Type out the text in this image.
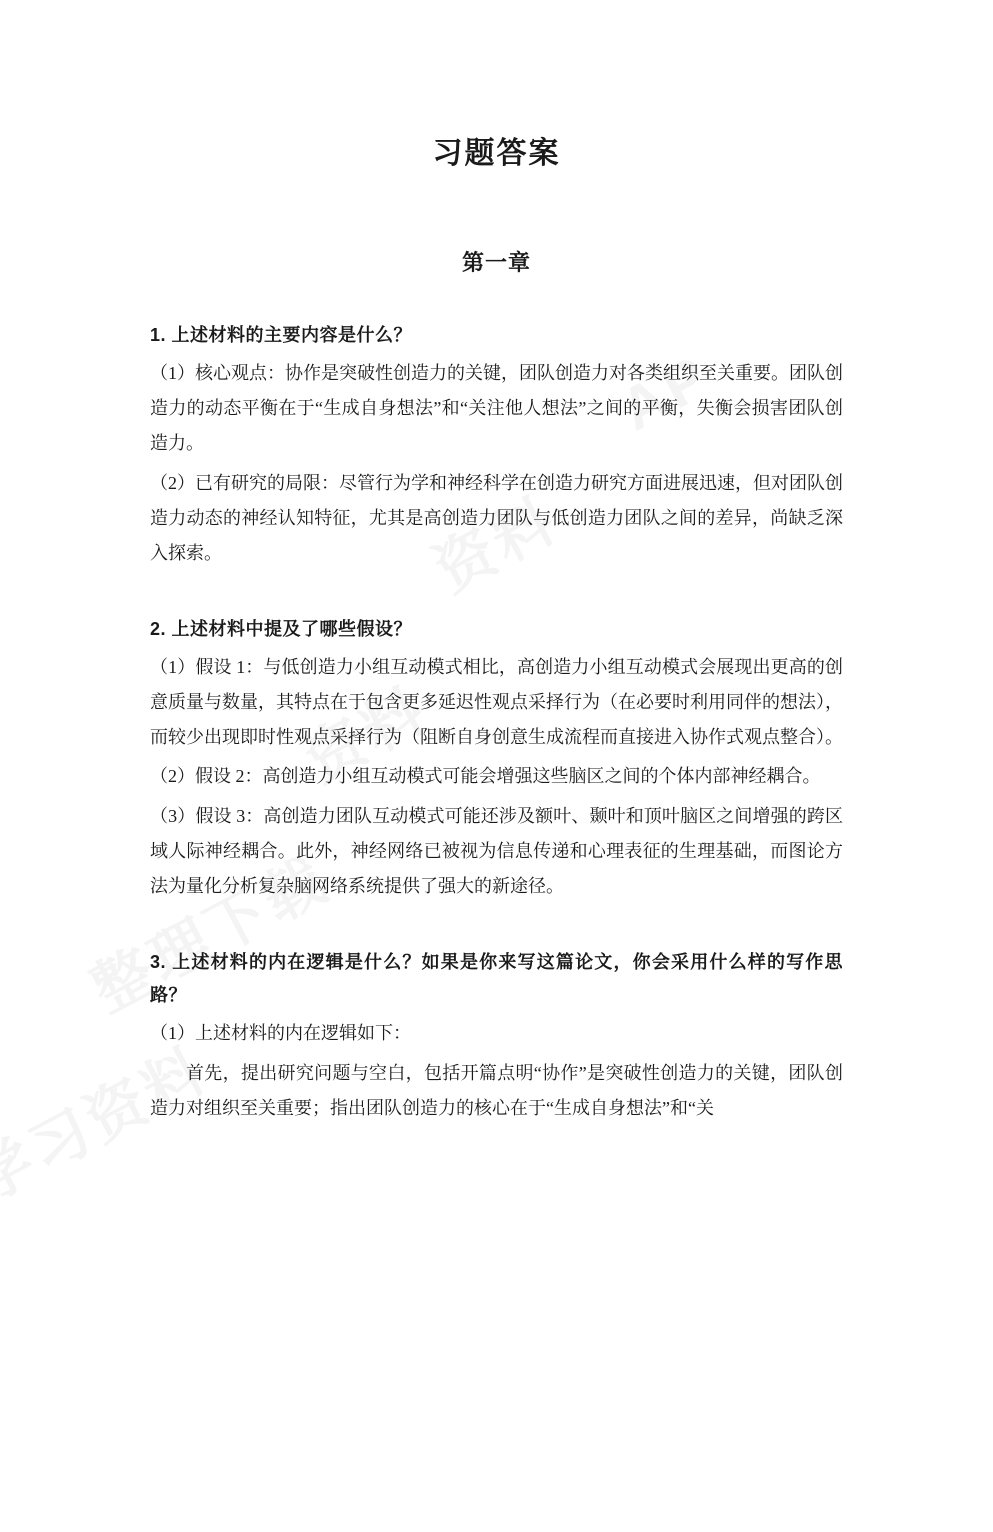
习题答案
第一章
1. 上述材料的主要内容是什么？
（1）核心观点：协作是突破性创造力的关键，团队创造力对各类组织至关重要。团队创造力的动态平衡在于“生成自身想法”和“关注他人想法”之间的平衡，失衡会损害团队创造力。
（2）已有研究的局限：尽管行为学和神经科学在创造力研究方面进展迅速，但对团队创造力动态的神经认知特征，尤其是高创造力团队与低创造力团队之间的差异，尚缺乏深入探索。
2. 上述材料中提及了哪些假设？
（1）假设 1：与低创造力小组互动模式相比，高创造力小组互动模式会展现出更高的创意质量与数量，其特点在于包含更多延迟性观点采择行为（在必要时利用同伴的想法），而较少出现即时性观点采择行为（阻断自身创意生成流程而直接进入协作式观点整合）。
（2）假设 2：高创造力小组互动模式可能会增强这些脑区之间的个体内部神经耦合。
（3）假设 3：高创造力团队互动模式可能还涉及额叶、颞叶和顶叶脑区之间增强的跨区域人际神经耦合。此外，神经网络已被视为信息传递和心理表征的生理基础，而图论方法为量化分析复杂脑网络系统提供了强大的新途径。
3. 上述材料的内在逻辑是什么？如果是你来写这篇论文，你会采用什么样的写作思路？
（1）上述材料的内在逻辑如下：
首先，提出研究问题与空白，包括开篇点明“协作”是突破性创造力的关键，团队创造力对组织至关重要；指出团队创造力的核心在于“生成自身想法”和“关
